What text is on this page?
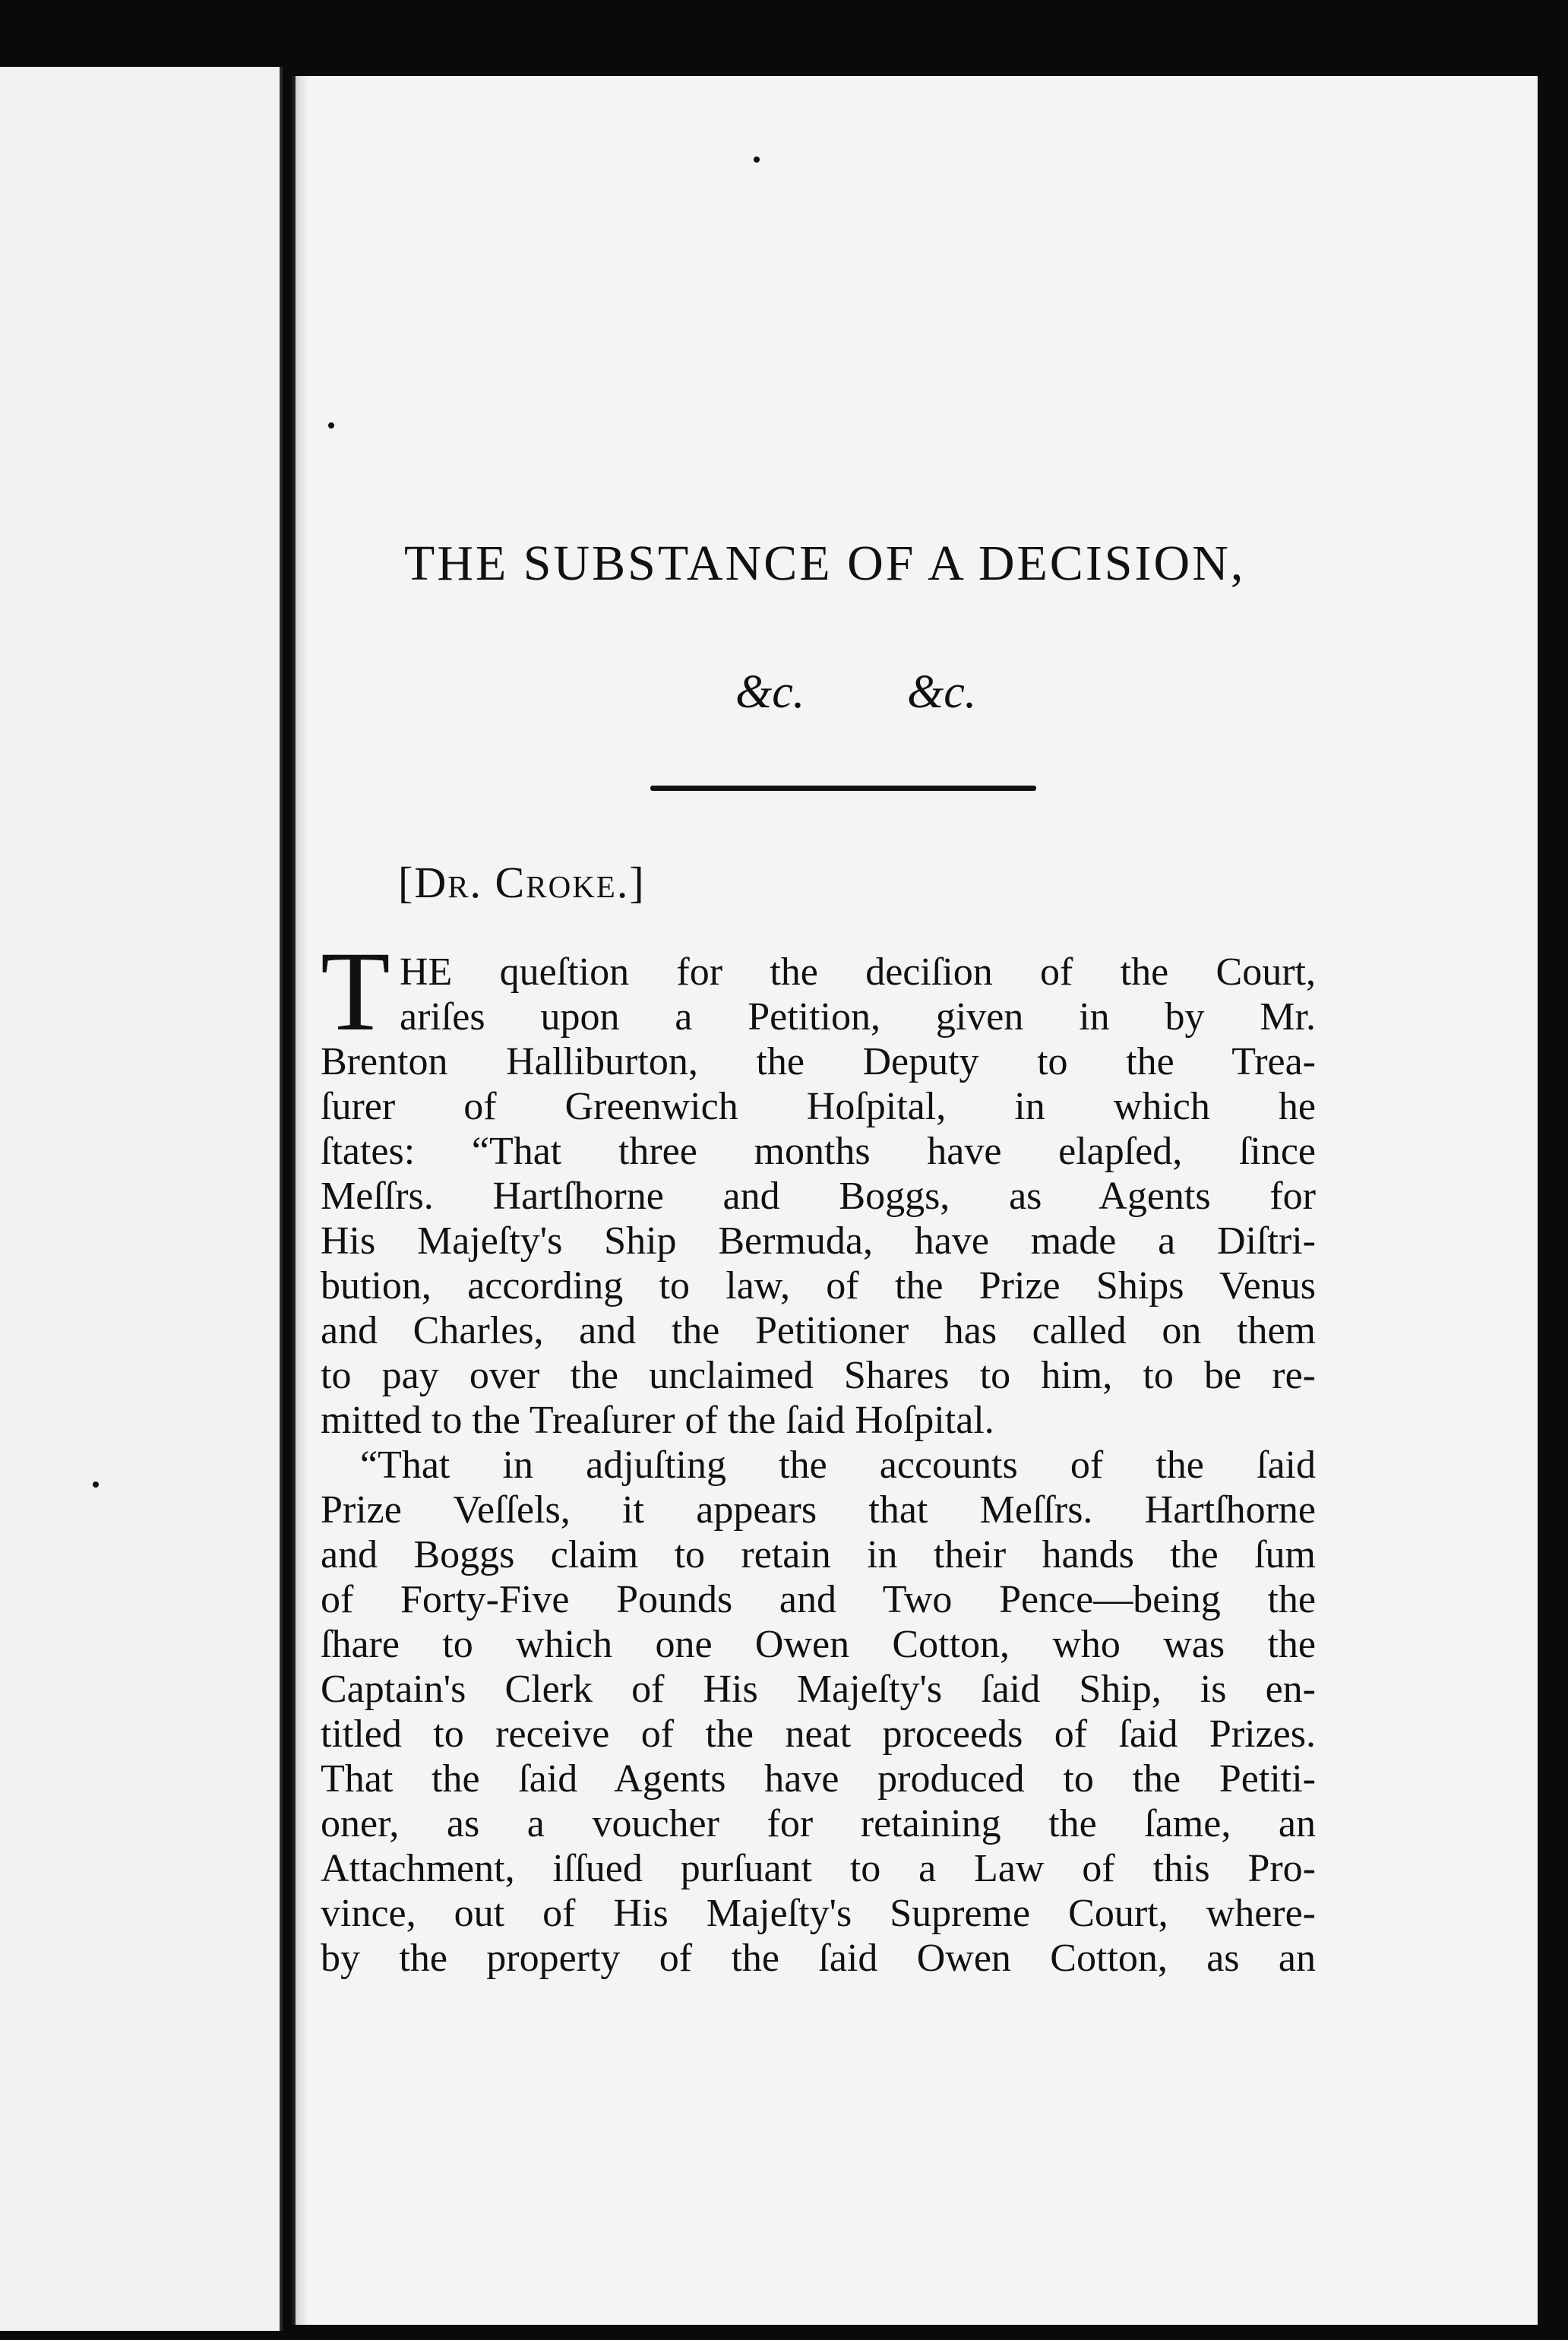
THE SUBSTANCE OF A DECISION,
&c. &c.
[Dr. Croke.]
T HE queſtion for the deciſion of the Court,
ariſes upon a Petition, given in by Mr.
Brenton Halliburton, the Deputy to the Trea-
ſurer of Greenwich Hoſpital, in which he
ſtates: “That three months have elapſed, ſince
Meſſrs. Hartſhorne and Boggs, as Agents for
His Majeſty's Ship Bermuda, have made a Diſtri-
bution, according to law, of the Prize Ships Venus
and Charles, and the Petitioner has called on them
to pay over the unclaimed Shares to him, to be re-
mitted to the Treaſurer of the ſaid Hoſpital.
“That in adjuſting the accounts of the ſaid
Prize Veſſels, it appears that Meſſrs. Hartſhorne
and Boggs claim to retain in their hands the ſum
of Forty-Five Pounds and Two Pence—being the
ſhare to which one Owen Cotton, who was the
Captain's Clerk of His Majeſty's ſaid Ship, is en-
titled to receive of the neat proceeds of ſaid Prizes.
That the ſaid Agents have produced to the Petiti-
oner, as a voucher for retaining the ſame, an
Attachment, iſſued purſuant to a Law of this Pro-
vince, out of His Majeſty's Supreme Court, where-
by the property of the ſaid Owen Cotton, as an
